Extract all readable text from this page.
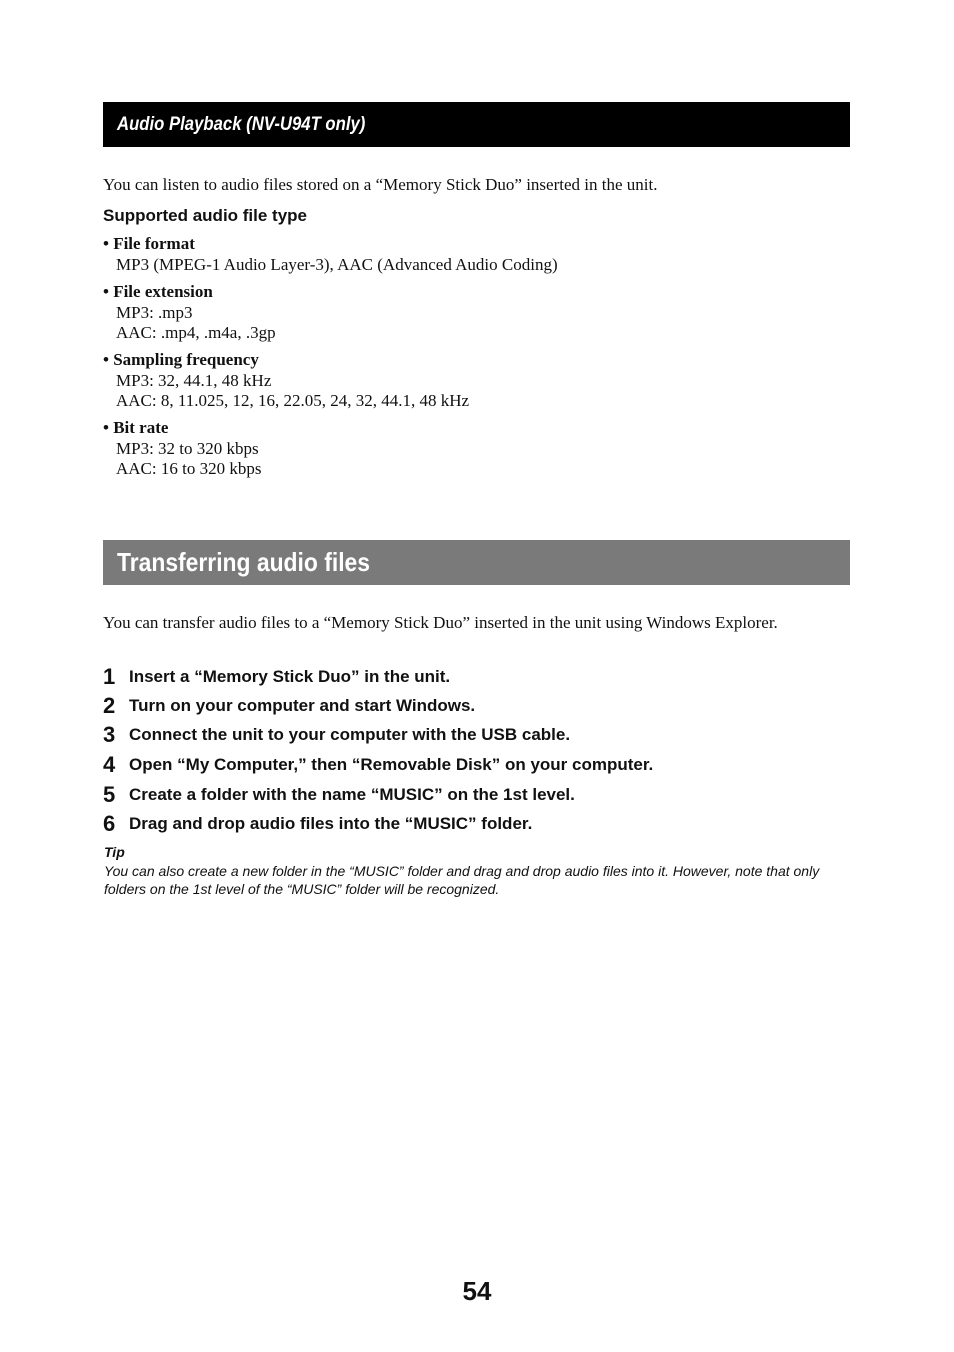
Audio Playback (NV-U94T only)
You can listen to audio files stored on a “Memory Stick Duo” inserted in the unit.
Supported audio file type
• File format
MP3 (MPEG-1 Audio Layer-3), AAC (Advanced Audio Coding)
• File extension
MP3: .mp3
AAC: .mp4, .m4a, .3gp
• Sampling frequency
MP3: 32, 44.1, 48 kHz
AAC: 8, 11.025, 12, 16, 22.05, 24, 32, 44.1, 48 kHz
• Bit rate
MP3: 32 to 320 kbps
AAC: 16 to 320 kbps
Transferring audio files
You can transfer audio files to a “Memory Stick Duo” inserted in the unit using Windows Explorer.
1 Insert a “Memory Stick Duo” in the unit.
2 Turn on your computer and start Windows.
3 Connect the unit to your computer with the USB cable.
4 Open “My Computer,” then “Removable Disk” on your computer.
5 Create a folder with the name “MUSIC” on the 1st level.
6 Drag and drop audio files into the “MUSIC” folder.
Tip
You can also create a new folder in the “MUSIC” folder and drag and drop audio files into it. However, note that only folders on the 1st level of the “MUSIC” folder will be recognized.
54
